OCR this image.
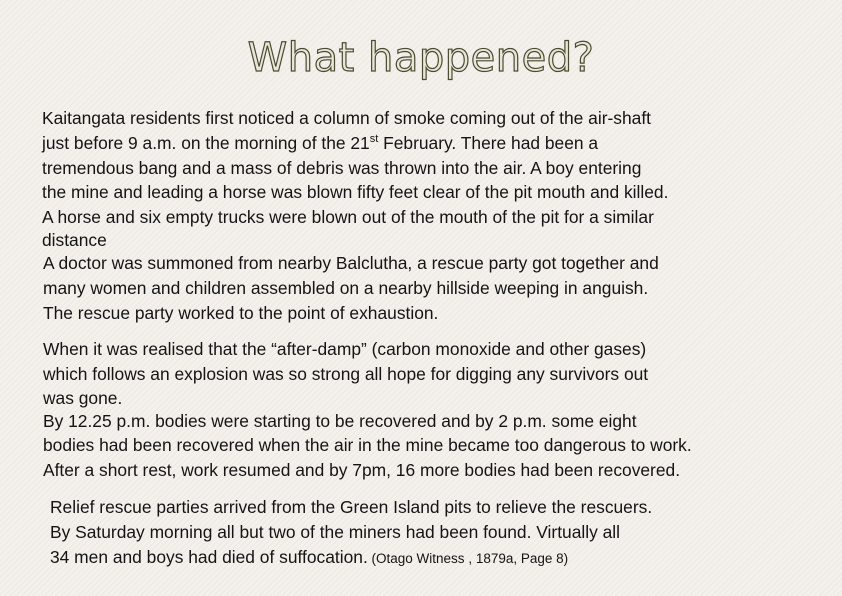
What happened?
Kaitangata residents first noticed a column of smoke coming out of the air-shaft
just before 9 a.m. on the morning of the 21st February. There had been a
tremendous bang and a mass of debris was thrown into the air. A boy entering
the mine and leading a horse was blown fifty feet clear of the pit mouth and killed.
A horse and six empty trucks were blown out of the mouth of the pit for a similar
distance
A doctor was summoned from nearby Balclutha, a rescue party got together and
many women and children assembled on a nearby hillside weeping in anguish.
The rescue party worked to the point of exhaustion.
When it was realised that the “after-damp” (carbon monoxide and other gases)
which follows an explosion was so strong all hope for digging any survivors out
was gone.
By 12.25 p.m. bodies were starting to be recovered and by 2 p.m. some eight
bodies had been recovered when the air in the mine became too dangerous to work.
After a short rest, work resumed and by 7pm, 16 more bodies had been recovered.
Relief rescue parties arrived from the Green Island pits to relieve the rescuers.
By Saturday morning all but two of the miners had been found. Virtually all
34 men and boys had died of suffocation. (Otago Witness , 1879a, Page 8)
